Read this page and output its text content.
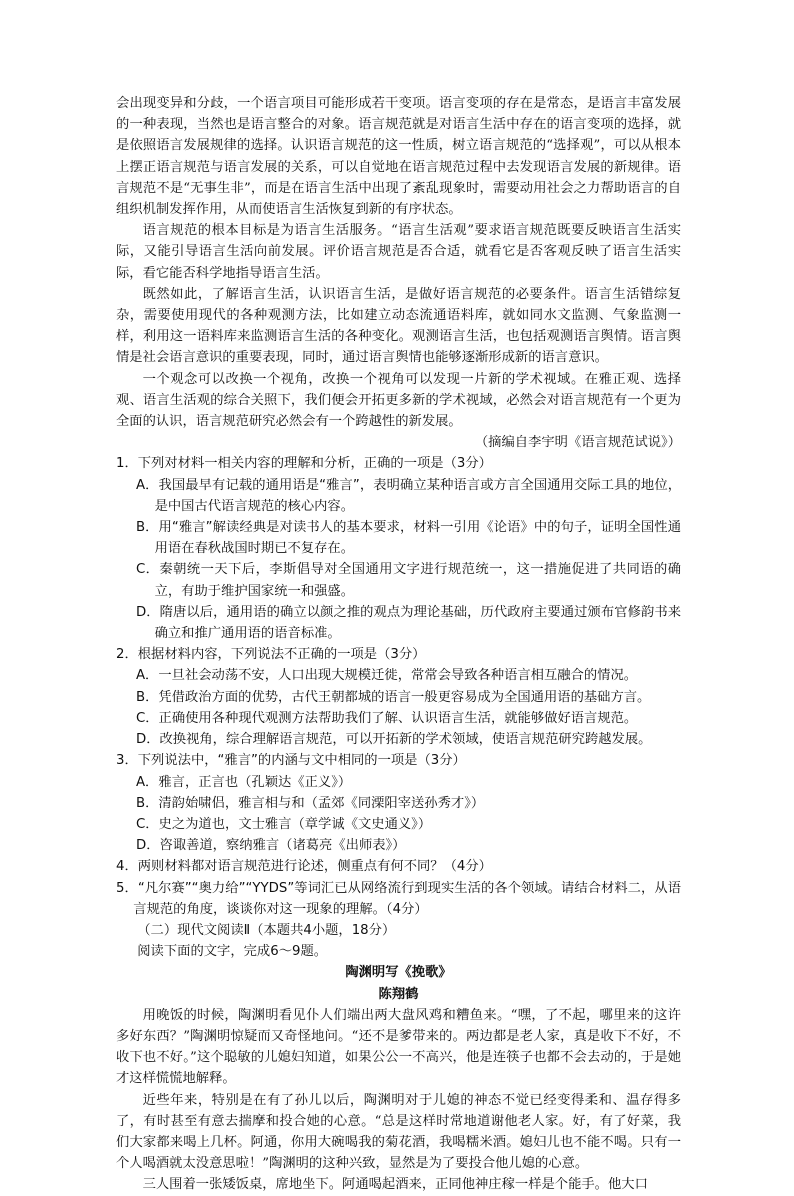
会出现变异和分歧，一个语言项目可能形成若干变项。语言变项的存在是常态，是语言丰富发展的一种表现，当然也是语言整合的对象。语言规范就是对语言生活中存在的语言变项的选择，就是依照语言发展规律的选择。认识语言规范的这一性质，树立语言规范的“选择观”，可以从根本上摆正语言规范与语言发展的关系，可以自觉地在语言规范过程中去发现语言发展的新规律。语言规范不是“无事生非”，而是在语言生活中出现了紊乱现象时，需要动用社会之力帮助语言的自组织机制发挥作用，从而使语言生活恢复到新的有序状态。

语言规范的根本目标是为语言生活服务。“语言生活观”要求语言规范既要反映语言生活实际，又能引导语言生活向前发展。评价语言规范是否合适，就看它是否客观反映了语言生活实际，看它能否科学地指导语言生活。

既然如此，了解语言生活，认识语言生活，是做好语言规范的必要条件。语言生活错综复杂，需要使用现代的各种观测方法，比如建立动态流通语料库，就如同水文监测、气象监测一样，利用这一语料库来监测语言生活的各种变化。观测语言生活，也包括观测语言舆情。语言舆情是社会语言意识的重要表现，同时，通过语言舆情也能够逐渐形成新的语言意识。

一个观念可以改换一个视角，改换一个视角可以发现一片新的学术视域。在雅正观、选择观、语言生活观的综合关照下，我们便会开拓更多新的学术视域，必然会对语言规范有一个更为全面的认识，语言规范研究必然会有一个跨越性的新发展。

（摘编自李宇明《语言规范试说》）

1．下列对材料一相关内容的理解和分析，正确的一项是（3分）

A．我国最早有记载的通用语是“雅言”，表明确立某种语言或方言全国通用交际工具的地位，是中国古代语言规范的核心内容。

B．用“雅言”解读经典是对读书人的基本要求，材料一引用《论语》中的句子，证明全国性通用语在春秋战国时期已不复存在。

C．秦朝统一天下后，李斯倡导对全国通用文字进行规范统一，这一措施促进了共同语的确立，有助于维护国家统一和强盛。

D．隋唐以后，通用语的确立以颜之推的观点为理论基础，历代政府主要通过颁布官修韵书来确立和推广通用语的语音标准。

2．根据材料内容，下列说法不正确的一项是（3分）

A．一旦社会动荡不安，人口出现大规模迁徙，常常会导致各种语言相互融合的情况。

B．凭借政治方面的优势，古代王朝都城的语言一般更容易成为全国通用语的基础方言。

C．正确使用各种现代观测方法帮助我们了解、认识语言生活，就能够做好语言规范。

D．改换视角，综合理解语言规范，可以开拓新的学术领域，使语言规范研究跨越发展。

3．下列说法中，“雅言”的内涵与文中相同的一项是（3分）

A．雅言，正言也（孔颖达《正义》）

B．清韵始啸侣，雅言相与和（孟郊《同溧阳宰送孙秀才》）

C．史之为道也，文士雅言（章学诚《文史通义》）

D．咨诹善道，察纳雅言（诸葛亮《出师表》）

4．两则材料都对语言规范进行论述，侧重点有何不同？（4分）

5．“凡尔赛”“奥力给”“YYDS”等词汇已从网络流行到现实生活的各个领域。请结合材料二，从语言规范的角度，谈谈你对这一现象的理解。（4分）

（二）现代文阅读Ⅱ（本题共4小题，18分）

阅读下面的文字，完成6～9题。

陶渊明写《挽歌》

陈翔鹤

用晚饭的时候，陶渊明看见仆人们端出两大盘风鸡和糟鱼来。“嘿，了不起，哪里来的这许多好东西？”陶渊明惊疑而又奇怪地问。“还不是爹带来的。两边都是老人家，真是收下不好，不收下也不好。”这个聪敏的儿媳妇知道，如果公公一不高兴，他是连筷子也都不会去动的，于是她才这样慌慌地解释。

近些年来，特别是在有了孙儿以后，陶渊明对于儿媳的神态不觉已经变得柔和、温存得多了，有时甚至有意去揣摩和投合她的心意。“总是这样时常地道谢他老人家。好，有了好菜，我们大家都来喝上几杯。阿通，你用大碗喝我的菊花酒，我喝糯米酒。媳妇儿也不能不喝。只有一个人喝酒就太没意思啦！”陶渊明的这种兴致，显然是为了要投合他儿媳的心意。

三人围着一张矮饭桌，席地坐下。阿通喝起酒来，正同他神庄稼一样是个能手。他大口
